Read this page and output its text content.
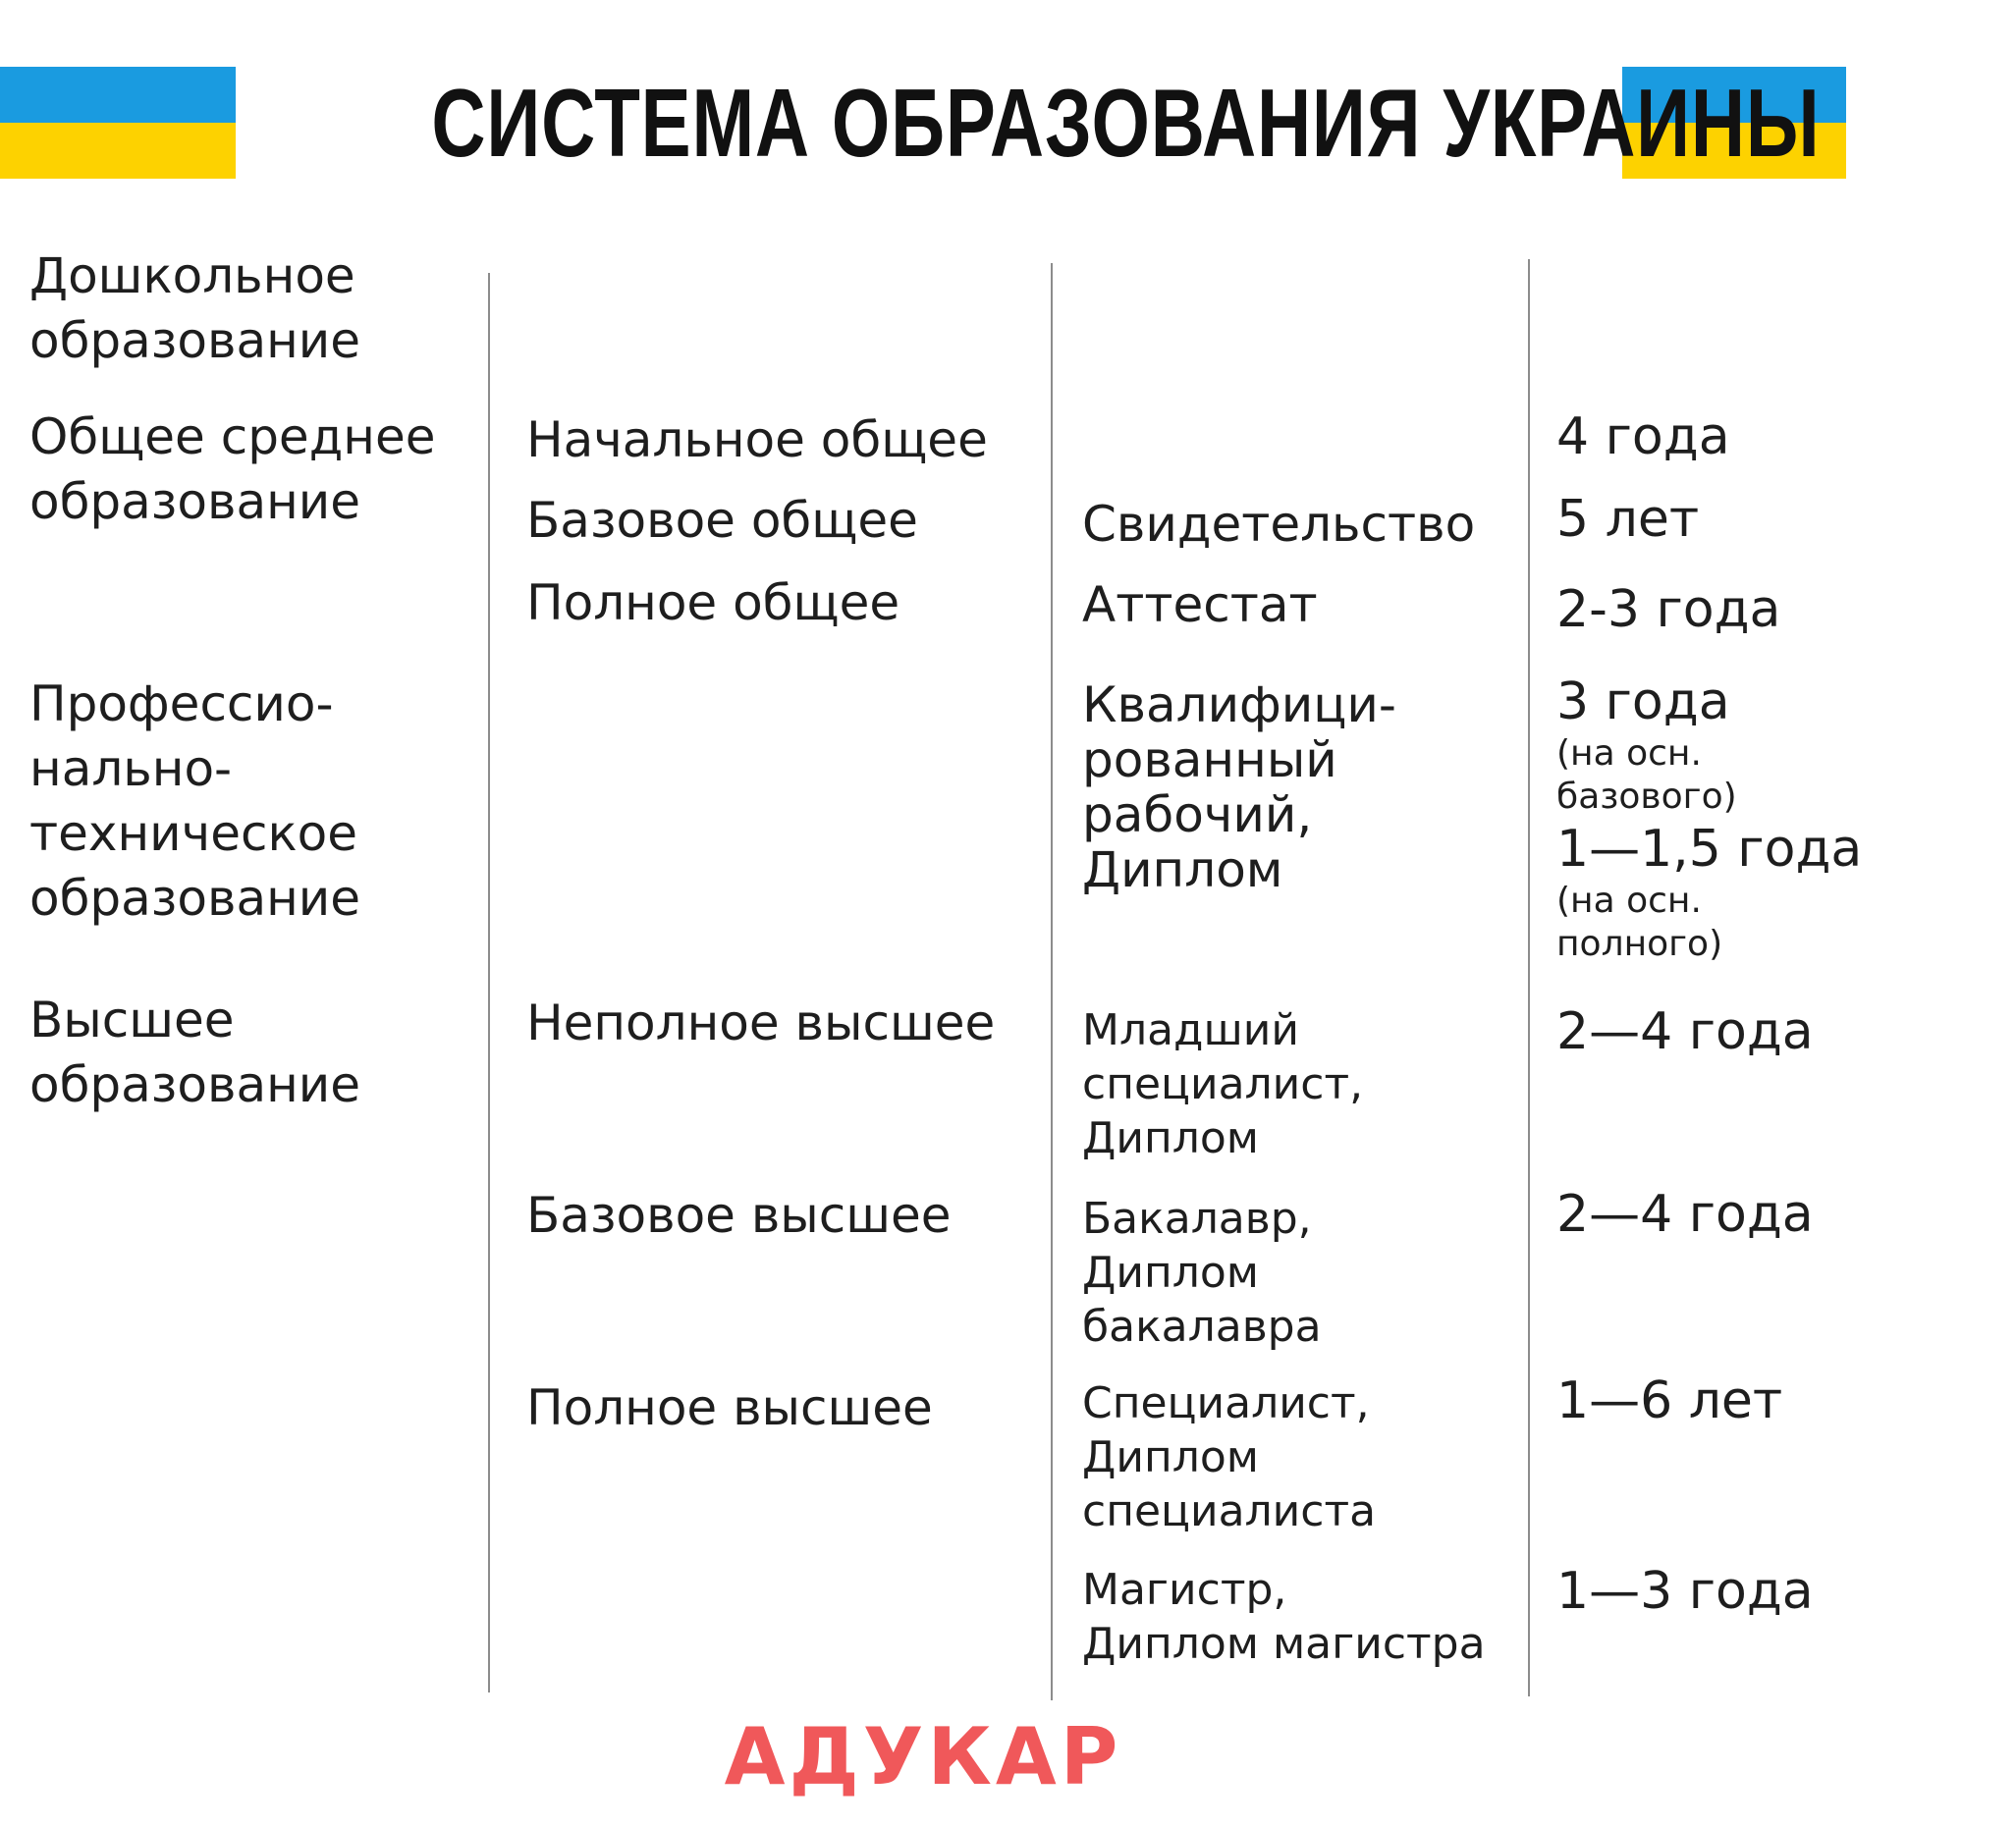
СИСТЕМА ОБРАЗОВАНИЯ УКРАИНЫ
Дошкольное
образование
Общее среднее
образование
Професcио-
нально-
техническое
образование
Высшее
образование
Начальное общее
Базовое общее
Полное общее
Неполное высшее
Базовое высшее
Полное высшее
Свидетельство
Аттестат
Квалифици-
рованный
рабочий,
Диплом
Младший
специалист,
Диплом
Бакалавр,
Диплом
бакалавра
Специалист,
Диплом
специалиста
Магистр,
Диплом магистра
4 года
5 лет
2-3 года
3 года
(на осн.
базового)
1—1,5 года
(на осн.
полного)
2—4 года
2—4 года
1—6 лет
1—3 года
АДУКАР
